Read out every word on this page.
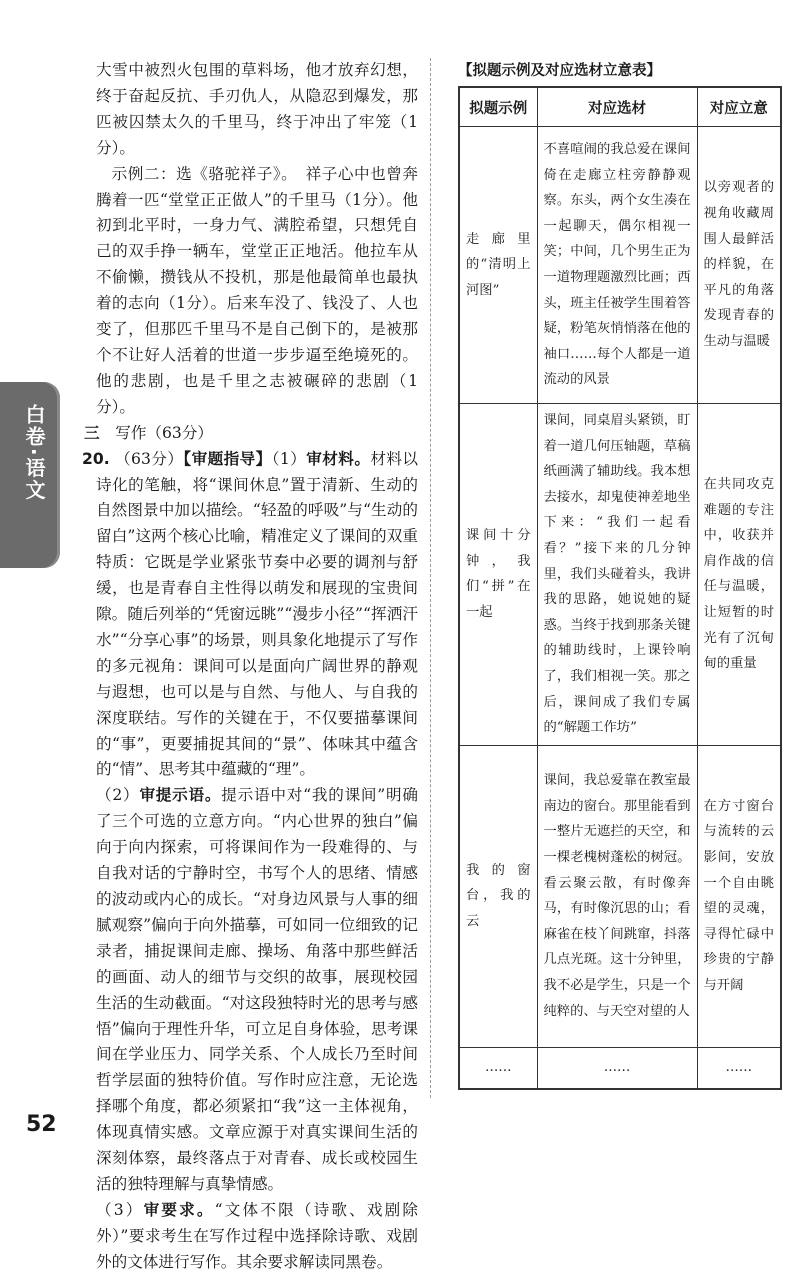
大雪中被烈火包围的草料场，他才放弃幻想，终于奋起反抗、手刃仇人，从隐忍到爆发，那匹被囚禁太久的千里马，终于冲出了牢笼（1分）。

示例二：选《骆驼祥子》。　祥子心中也曾奔腾着一匹“堂堂正正做人”的千里马（1分）。他初到北平时，一身力气、满腔希望，只想凭自己的双手挣一辆车，堂堂正正地活。他拉车从不偷懒，攒钱从不投机，那是他最简单也最执着的志向（1分）。后来车没了、钱没了、人也变了，但那匹千里马不是自己倒下的，是被那个不让好人活着的世道一步步逼至绝境死的。他的悲剧，也是千里之志被碾碎的悲剧（1分）。

三　 写作（63分）

20. （63分）【审题指导】（1）审材料。材料以诗化的笔触，将“课间休息”置于清新、生动的自然图景中加以描绘。“轻盈的呼吸”与“生动的留白”这两个核心比喻，精准定义了课间的双重特质：它既是学业紧张节奏中必要的调剂与舒缓，也是青春自主性得以萌发和展现的宝贵间隙。随后列举的“凭窗远眺”“漫步小径”“挥洒汗水”“分享心事”的场景，则具象化地提示了写作的多元视角：课间可以是面向广阔世界的静观与遐想，也可以是与自然、与他人、与自我的深度联结。写作的关键在于，不仅要描摹课间的“事”，更要捕捉其间的“景”、体味其中蕴含的“情”、思考其中蕴藏的“理”。

（2）审提示语。提示语中对“我的课间”明确了三个可选的立意方向。“内心世界的独白”偏向于向内探索，可将课间作为一段难得的、与自我对话的宁静时空，书写个人的思绪、情感的波动或内心的成长。“对身边风景与人事的细腻观察”偏向于向外描摹，可如同一位细致的记录者，捕捉课间走廊、操场、角落中那些鲜活的画面、动人的细节与交织的故事，展现校园生活的生动截面。“对这段独特时光的思考与感悟”偏向于理性升华，可立足自身体验，思考课间在学业压力、同学关系、个人成长乃至时间哲学层面的独特价值。写作时应注意，无论选择哪个角度，都必须紧扣“我”这一主体视角，体现真情实感。文章应源于对真实课间生活的深刻体察，最终落点于对青春、成长或校园生活的独特理解与真挚情感。

（3）审要求。“文体不限（诗歌、戏剧除外）”要求考生在写作过程中选择除诗歌、戏剧外的文体进行写作。其余要求解读同黑卷。

白卷·语文
52
【拟题示例及对应选材立意表】
拟题示例	对应选材	对应立意
走廊里的“清明上河图”	不喜喧闹的我总爱在课间倚在走廊立柱旁静静观察。东头，两个女生凑在一起聊天，偶尔相视一笑；中间，几个男生正为一道物理题激烈比画；西头，班主任被学生围着答疑，粉笔灰悄悄落在他的袖口……每个人都是一道流动的风景	以旁观者的视角收藏周围人最鲜活的样貌，在平凡的角落发现青春的生动与温暖
课间十分钟，我们“拼”在一起	课间，同桌眉头紧锁，盯着一道几何压轴题，草稿纸画满了辅助线。我本想去接水，却鬼使神差地坐下来：“我们一起看看？”接下来的几分钟里，我们头碰着头，我讲我的思路，她说她的疑惑。当终于找到那条关键的辅助线时，上课铃响了，我们相视一笑。那之后，课间成了我们专属的“解题工作坊”	在共同攻克难题的专注中，收获并肩作战的信任与温暖，让短暂的时光有了沉甸甸的重量
我的窗台，我的云	课间，我总爱靠在教室最南边的窗台。那里能看到一整片无遮拦的天空，和一棵老槐树蓬松的树冠。看云聚云散，有时像奔马，有时像沉思的山；看麻雀在枝丫间跳窜，抖落几点光斑。这十分钟里，我不必是学生，只是一个纯粹的、与天空对望的人	在方寸窗台与流转的云影间，安放一个自由眺望的灵魂，寻得忙碌中珍贵的宁静与开阔
……	……	……
